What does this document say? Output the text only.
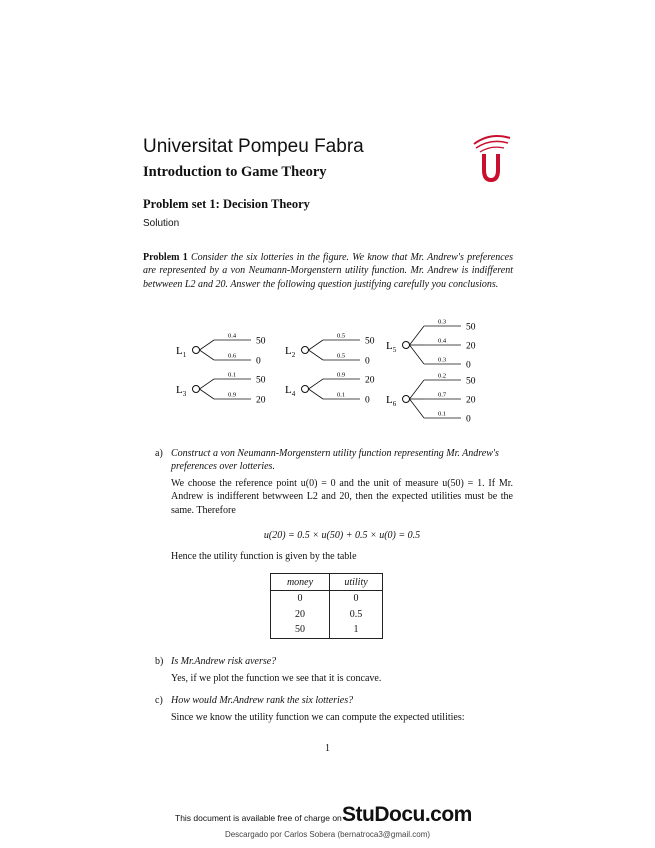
Universitat Pompeu Fabra
Introduction to Game Theory
Problem set 1: Decision Theory
Solution
Problem 1 Consider the six lotteries in the figure. We know that Mr. Andrew's preferences are represented by a von Neumann-Morgenstern utility function. Mr. Andrew is indifferent betwween L2 and 20. Answer the following question justifying carefully you conclusions.
$L_1$
0.4
50
0.6
0
$L_2$
0.5
50
0.5
0
$L_5$
0.3
50
0.4
20
0.3
0
$L_3$
0.1
50
0.9
20
$L_4$
0.9
20
0.1
0 $L_6$
0.2
50
0.7
20
0.1
0
a) Construct a von Neumann-Morgenstern utility function representing Mr. Andrew's preferences over lotteries.
We choose the reference point u(0) = 0 and the unit of measure u(50) = 1. If Mr. Andrew is indifferent betwween L2 and 20, then the expected utilities must be the same. Therefore
u(20) = 0.5 × u(50) + 0.5 × u(0) = 0.5
Hence the utility function is given by the table
money	utility
0	0
20	0.5
50	1
b) Is Mr.Andrew risk averse?
Yes, if we plot the function we see that it is concave.
c) How would Mr.Andrew rank the six lotteries?
Since we know the utility function we can compute the expected utilities:
1
This document is available free of charge on StuDocu.com
Descargado por Carlos Sobera (bernatroca3@gmail.com)
